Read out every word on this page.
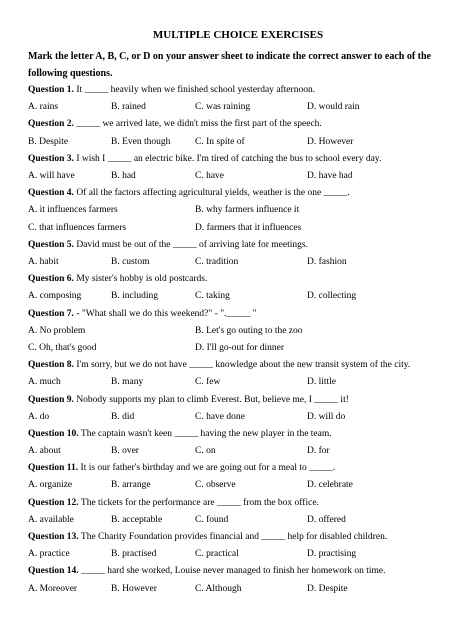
MULTIPLE CHOICE EXERCISES
Mark the letter A, B, C, or D on your answer sheet to indicate the correct answer to each of the following questions.
Question 1. It _____ heavily when we finished school yesterday afternoon.
A. rains	B. rained	C. was raining	D. would rain
Question 2. _____ we arrived late, we didn't miss the first part of the speech.
B. Despite	B. Even though	C. In spite of	D. However
Question 3. I wish I _____ an electric bike. I'm tired of catching the bus to school every day.
A. will have	B. had	C. have	D. have had
Question 4. Of all the factors affecting agricultural yields, weather is the one _____.
A. it influences farmers	B. why farmers influence it
C. that influences farmers	D. farmers that it influences
Question 5. David must be out of the _____ of arriving late for meetings.
A. habit	B. custom	C. tradition	D. fashion
Question 6. My sister's hobby is old postcards.
A. composing	B. including	C. taking	D. collecting
Question 7. - "What shall we do this weekend?" - "._____ "
A. No problem	B. Let's go outing to the zoo
C. Oh, that's good	D. I'll go-out for dinner
Question 8. I'm sorry, but we do not have _____ knowledge about the new transit system of the city.
A. much	B. many	C. few	D. little
Question 9. Nobody supports my plan to climb Everest. But, believe me, I _____ it!
A. do	B. did	C. have done	D. will do
Question 10. The captain wasn't keen _____ having the new player in the team.
A. about	B. over	C. on	D. for
Question 11. It is our father's birthday and we are going out for a meal to _____.
A. organize	B. arrange	C. observe	D. celebrate
Question 12. The tickets for the performance are _____ from the box office.
A. available	B. acceptable	C. found	D. offered
Question 13. The Charity Foundation provides financial and _____ help for disabled children.
A. practice	B. practised	C. practical	D. practising
Question 14. _____ hard she worked, Louise never managed to finish her homework on time.
A. Moreover	B. However	C. Although	D. Despite
